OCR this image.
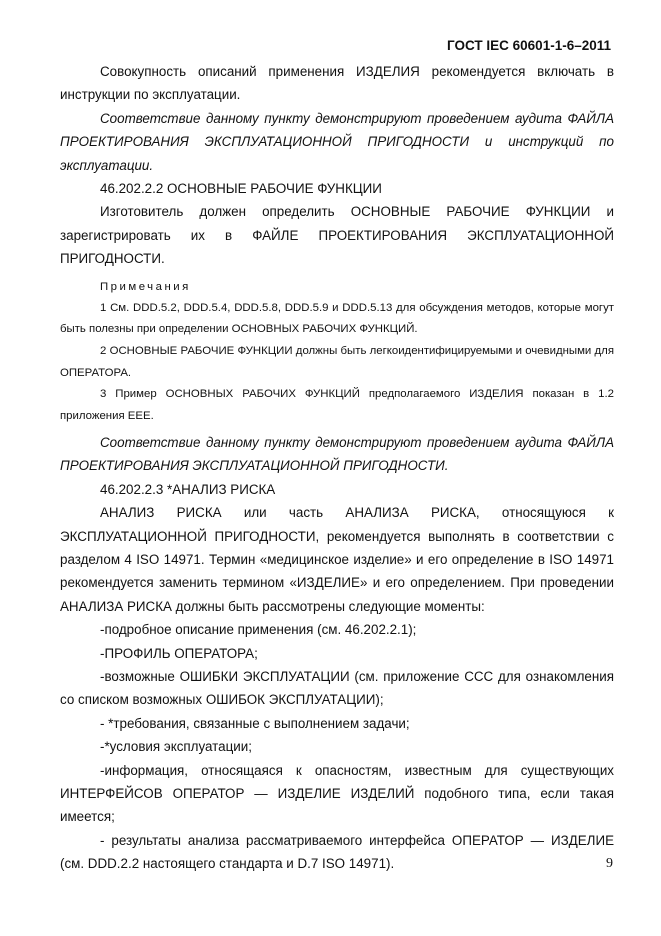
ГОСТ IEC 60601-1-6–2011

Совокупность описаний применения ИЗДЕЛИЯ рекомендуется включать в инструкции по эксплуатации.

Соответствие данному пункту демонстрируют проведением аудита ФАЙЛА ПРОЕКТИРОВАНИЯ ЭКСПЛУАТАЦИОННОЙ ПРИГОДНОСТИ и инструкций по эксплуатации.

46.202.2.2 ОСНОВНЫЕ РАБОЧИЕ ФУНКЦИИ

Изготовитель должен определить ОСНОВНЫЕ РАБОЧИЕ ФУНКЦИИ и зарегистрировать их в ФАЙЛЕ ПРОЕКТИРОВАНИЯ ЭКСПЛУАТАЦИОННОЙ ПРИГОДНОСТИ.

Примечания

1 См. DDD.5.2, DDD.5.4, DDD.5.8, DDD.5.9 и DDD.5.13 для обсуждения методов, которые могут быть полезны при определении ОСНОВНЫХ РАБОЧИХ ФУНКЦИЙ.

2 ОСНОВНЫЕ РАБОЧИЕ ФУНКЦИИ должны быть легкоидентифицируемыми и очевидными для ОПЕРАТОРА.

3 Пример ОСНОВНЫХ РАБОЧИХ ФУНКЦИЙ предполагаемого ИЗДЕЛИЯ показан в 1.2 приложения ЕЕЕ.

Соответствие данному пункту демонстрируют проведением аудита ФАЙЛА ПРОЕКТИРОВАНИЯ ЭКСПЛУАТАЦИОННОЙ ПРИГОДНОСТИ.

46.202.2.3 *АНАЛИЗ РИСКА

АНАЛИЗ РИСКА или часть АНАЛИЗА РИСКА, относящуюся к ЭКСПЛУАТАЦИОННОЙ ПРИГОДНОСТИ, рекомендуется выполнять в соответствии с разделом 4 ISO 14971. Термин «медицинское изделие» и его определение в ISO 14971 рекомендуется заменить термином «ИЗДЕЛИЕ» и его определением. При проведении АНАЛИЗА РИСКА должны быть рассмотрены следующие моменты:

-подробное описание применения (см. 46.202.2.1);

-ПРОФИЛЬ ОПЕРАТОРА;

-возможные ОШИБКИ ЭКСПЛУАТАЦИИ (см. приложение ССС для ознакомления со списком возможных ОШИБОК ЭКСПЛУАТАЦИИ);

- *требования, связанные с выполнением задачи;

-*условия эксплуатации;

-информация, относящаяся к опасностям, известным для существующих ИНТЕРФЕЙСОВ ОПЕРАТОР — ИЗДЕЛИЕ ИЗДЕЛИЙ подобного типа, если такая имеется;

- результаты анализа рассматриваемого интерфейса ОПЕРАТОР — ИЗДЕЛИЕ (см. DDD.2.2 настоящего стандарта и D.7 ISO 14971).	9
